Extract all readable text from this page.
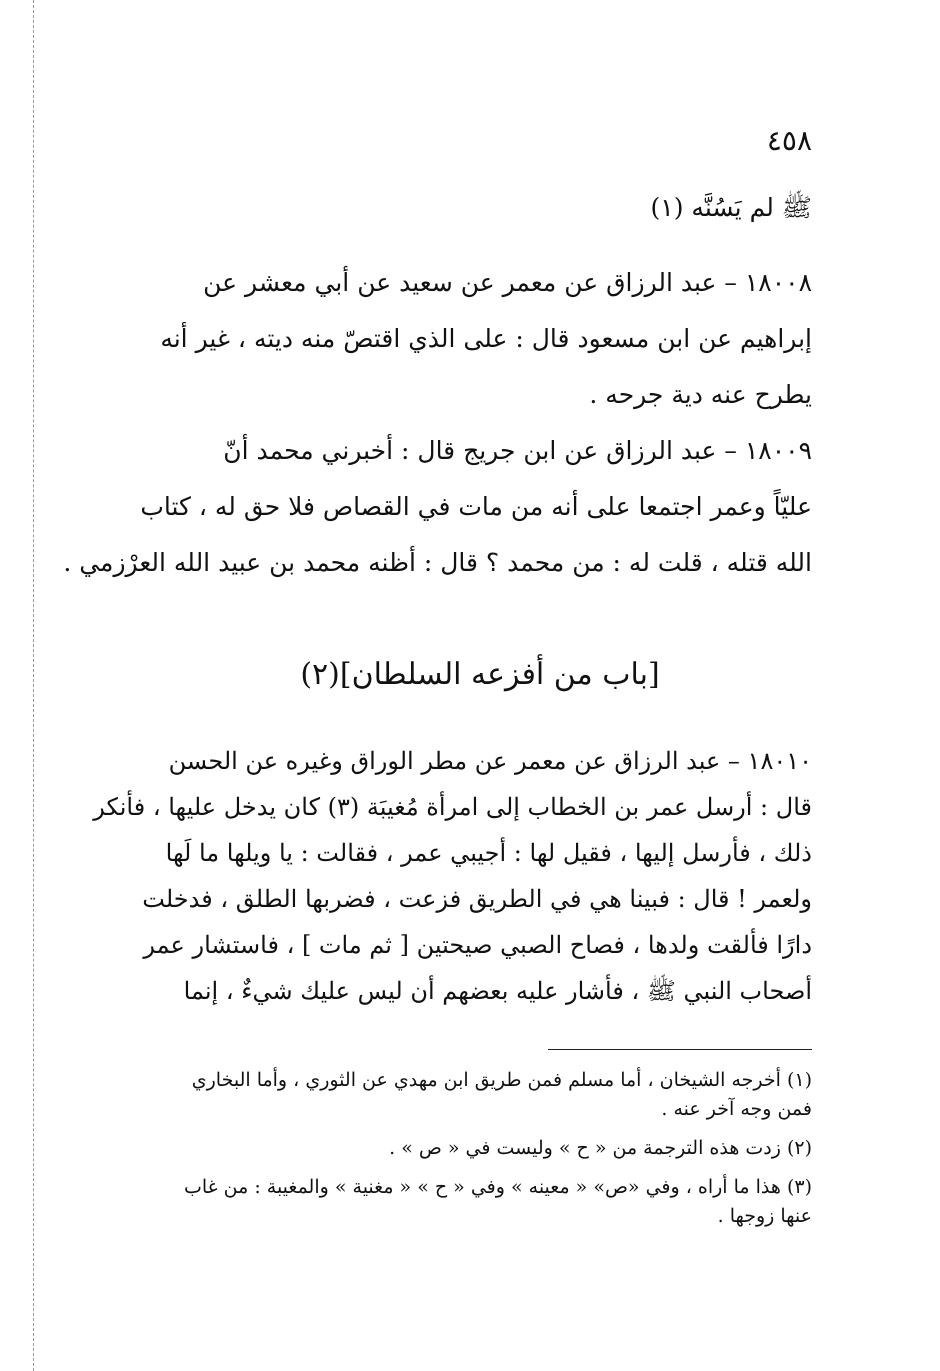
٤٥٨
ﷺ لم يَسُنَّه (١)
١٨٠٠٨ – عبد الرزاق عن معمر عن سعيد عن أبي معشر عن
إبراهيم عن ابن مسعود قال : على الذي اقتصّ منه ديته ، غير أنه
يطرح عنه دية جرحه .
١٨٠٠٩ – عبد الرزاق عن ابن جريج قال : أخبرني محمد أنّ
عليّاً وعمر اجتمعا على أنه من مات في القصاص فلا حق له ، كتاب
الله قتله ، قلت له : من محمد ؟ قال : أظنه محمد بن عبيد الله العرْزمي .
[باب من أفزعه السلطان](٢)
١٨٠١٠ – عبد الرزاق عن معمر عن مطر الوراق وغيره عن الحسن
قال : أرسل عمر بن الخطاب إلى امرأة مُغيبَة (٣) كان يدخل عليها ، فأنكر
ذلك ، فأرسل إليها ، فقيل لها : أجيبي عمر ، فقالت : يا ويلها ما لَها
ولعمر ! قال : فبينا هي في الطريق فزعت ، فضربها الطلق ، فدخلت
دارًا فألقت ولدها ، فصاح الصبي صيحتين [ ثم مات ] ، فاستشار عمر
أصحاب النبي ﷺ ، فأشار عليه بعضهم أن ليس عليك شيءٌ ، إنما
(١) أخرجه الشيخان ، أما مسلم فمن طريق ابن مهدي عن الثوري ، وأما البخاري
فمن وجه آخر عنه .
(٢) زدت هذه الترجمة من « ح » وليست في « ص » .
(٣) هذا ما أراه ، وفي «ص» « معينه » وفي « ح » « مغنية » والمغيبة : من غاب
عنها زوجها .
